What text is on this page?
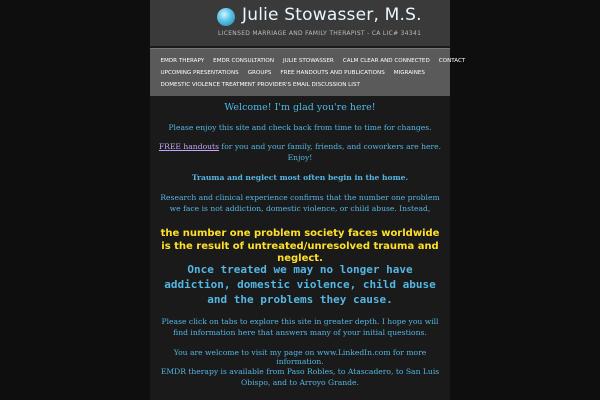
Julie Stowasser, M.S.
LICENSED MARRIAGE AND FAMILY THERAPIST - CA LIC# 34341
EMDR THERAPY	EMDR CONSULTATION	JULIE STOWASSER	CALM CLEAR AND CONNECTED	CONTACT
UPCOMING PRESENTATIONS	GROUPS	FREE HANDOUTS AND PUBLICATIONS	MIGRAINES
DOMESTIC VIOLENCE TREATMENT PROVIDER'S EMAIL DISCUSSION LIST
Welcome! I'm glad you're here!
Please enjoy this site and check back from time to time for changes.
FREE handouts for you and your family, friends, and coworkers are here. Enjoy!
Trauma and neglect most often begin in the home.
Research and clinical experience confirms that the number one problem we face is not addiction, domestic violence, or child abuse. Instead,
the number one problem society faces worldwide is the result of untreated/unresolved trauma and neglect.
Once treated we may no longer have addiction, domestic violence, child abuse and the problems they cause.
Please click on tabs to explore this site in greater depth. I hope you will find information here that answers many of your initial questions.
You are welcome to visit my page on www.LinkedIn.com for more information.
EMDR therapy is available from Paso Robles, to Atascadero, to San Luis Obispo, and to Arroyo Grande.
